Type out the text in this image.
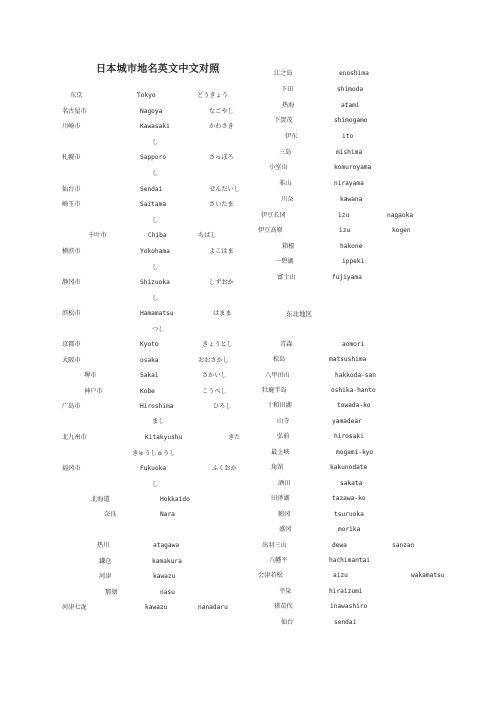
日本城市地名英文中文对照
东京	Tokyo	どうきょう
名古屋市	Nagoya	なごやし
川崎市	Kawasaki	かわさき
し
札幌市	Sapporo	さっぽろ
し
仙台市	Sendai	せんだいし
崎玉市	Saitama	さいたま
し
千叶市	Chiba	ちばし
横滨市	Yokohama	よこはま
し
静冈市	Shizuoka	しずおか
し
滨松市	Hamamatsu	はまま
つし
京都市	Kyoto	きょうとし
大阪市	osaka	おおさかし
堺市	Sakai	さかいし
神户市	Kobe	こうべし
广岛市	Hiroshima	ひろし
まし
北九州市	Kitakyushu	きた
きゅうしゅうし
福冈市	Fukuoka	ふくおか
し
北海道	Hokkaido
奈良	Nara
热川	atagawa
鎌仓	kamakura
河津	kawazu
那须	nasu
河津七泷	kawazu	nanadaru
江之岛	enoshima
下田	shimoda
热海	atami
下贺茂	shimogamo
伊东	ito
三岛	mishima
小室山	komuroyama
韭山	nirayama
川奈	kawana
伊豆长冈	izu	nagaoka
伊豆高原	izu	kogen
箱根	hakone
一碧湖	ippeki
富士山	fujiyama
东北地区
青森	aomori
松岛	matsushima
八甲田山	hakkoda-san
牡鹿半岛	oshika-hanto
十和田湖	towada-ko
山寺	yamadear
弘前	hirosaki
最上峡	mogami-kyo
角馆	kakunodate
酒田	sakata
田泽湖	tazawa-ko
鹤冈	tsuruoka
盛冈	morika
出羽三山	dewa	sanzan
八幡平	hachimantai
会津若松	aizu	wakamatsu
平泉	hiraizumi
猪苗代	inawashiro
仙台	sendai
